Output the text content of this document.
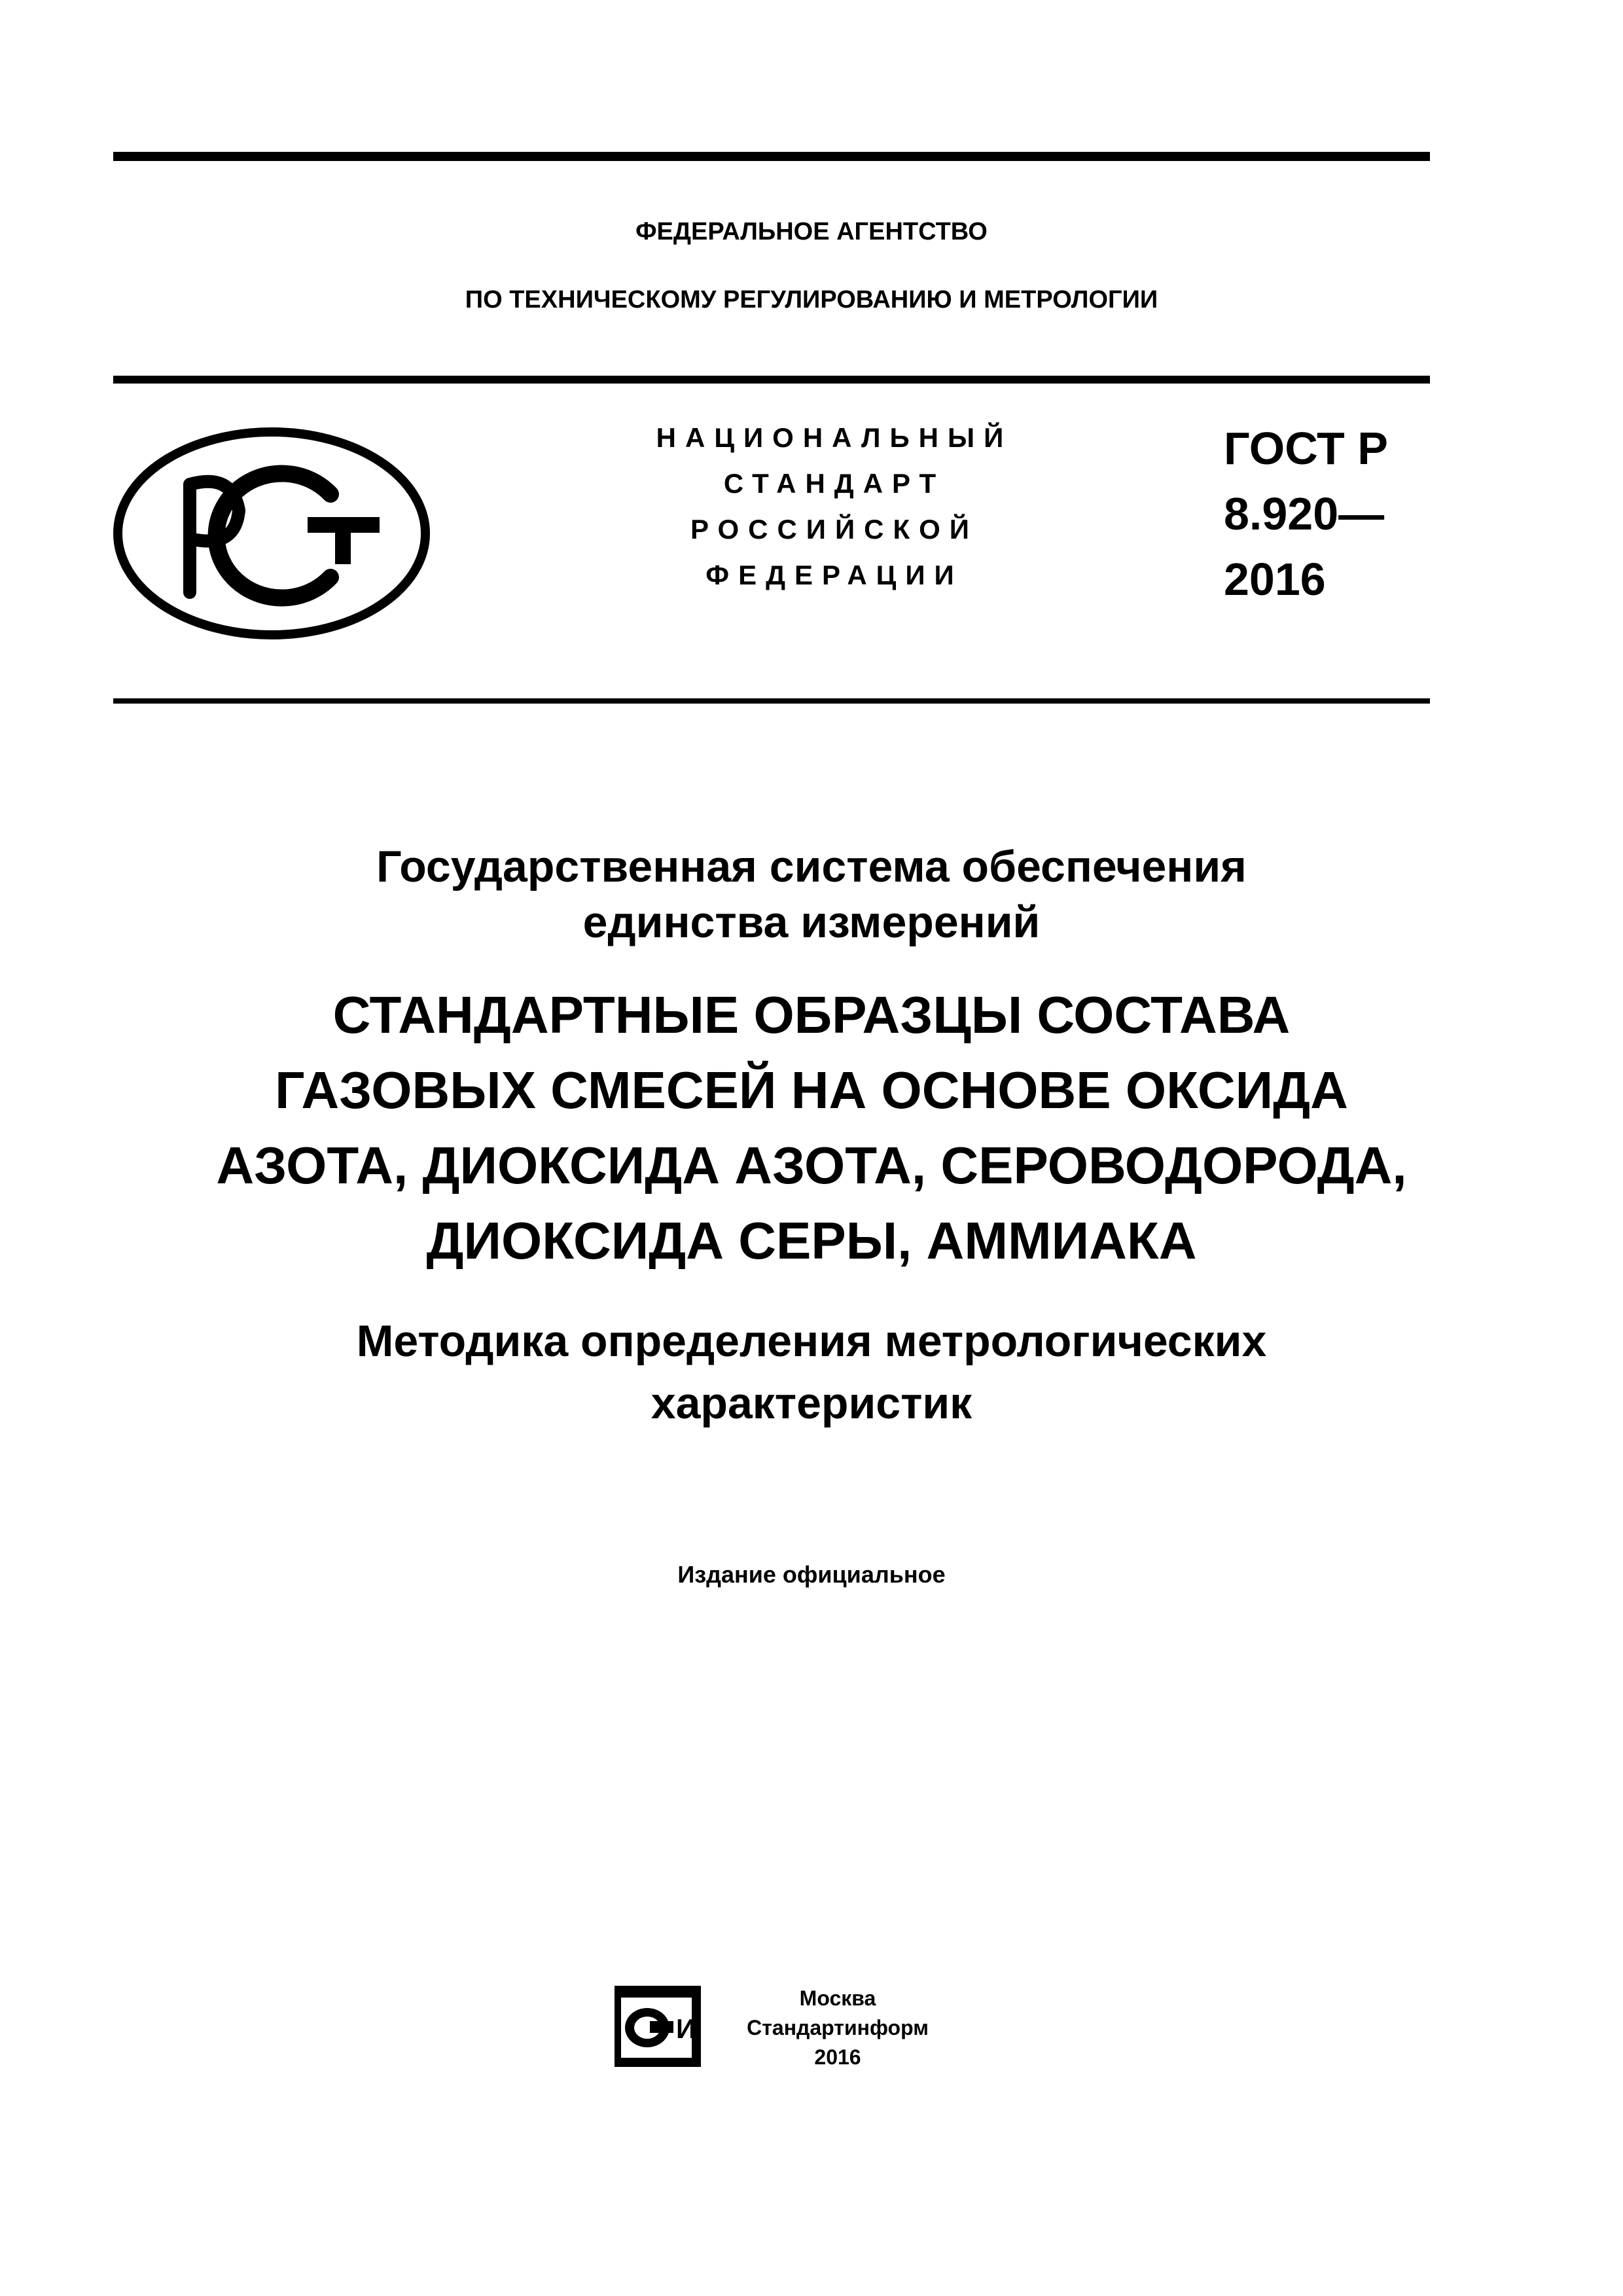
ФЕДЕРАЛЬНОЕ АГЕНТСТВО
ПО ТЕХНИЧЕСКОМУ РЕГУЛИРОВАНИЮ И МЕТРОЛОГИИ
НАЦИОНАЛЬНЫЙ
СТАНДАРТ
РОССИЙСКОЙ
ФЕДЕРАЦИИ
ГОСТ Р
8.920—
2016
Государственная система обеспечения
единства измерений
СТАНДАРТНЫЕ ОБРАЗЦЫ СОСТАВА
ГАЗОВЫХ СМЕСЕЙ НА ОСНОВЕ ОКСИДА
АЗОТА, ДИОКСИДА АЗОТА, СЕРОВОДОРОДА,
ДИОКСИДА СЕРЫ, АММИАКА
Методика определения метрологических
характеристик
Издание официальное
И
Москва
Стандартинформ
2016
